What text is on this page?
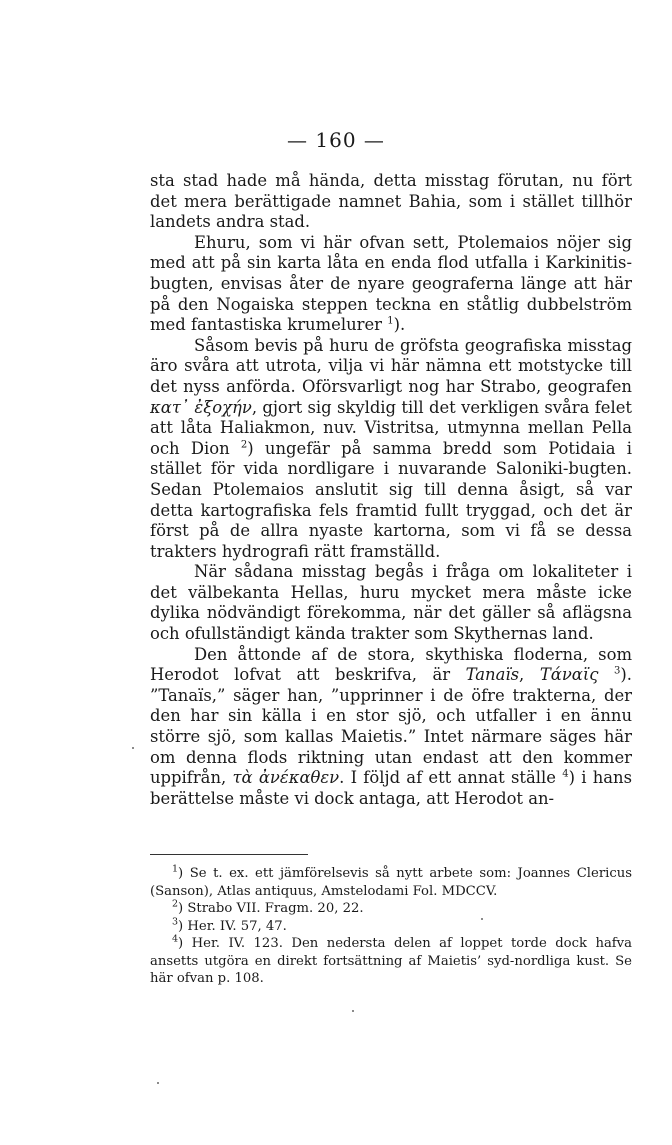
— 160 —

sta stad hade må hända, detta misstag förutan, nu fört det mera berättigade namnet Bahia, som i stället tillhör landets andra stad.

Ehuru, som vi här ofvan sett, Ptolemaios nöjer sig med att på sin karta låta en enda flod utfalla i Karkinitis-bugten, envisas åter de nyare geograferna länge att här på den Nogaiska steppen teckna en ståtlig dubbelström med fantastiska krumelurer $^1$).

Såsom bevis på huru de gröfsta geografiska misstag äro svåra att utrota, vilja vi här nämna ett motstycke till det nyss anförda. Oförsvarligt nog har Strabo, geografen κατ᾽ ἐξοχήν, gjort sig skyldig till det verkligen svåra felet att låta Haliakmon, nuv. Vistritsa, utmynna mellan Pella och Dion $^2$) ungefär på samma bredd som Potidaia i stället för vida nordligare i nuvarande Saloniki-bugten. Sedan Ptolemaios anslutit sig till denna åsigt, så var detta kartografiska fels framtid fullt tryggad, och det är först på de allra nyaste kartorna, som vi få se dessa trakters hydrografi rätt framställd.

När sådana misstag begås i fråga om lokaliteter i det välbekanta Hellas, huru mycket mera måste icke dylika nödvändigt förekomma, när det gäller så aflägsna och ofullständigt kända trakter som Skythernas land.

Den åttonde af de stora, skythiska floderna, som Herodot lofvat att beskrifva, är Tanaïs, Τάναϊς $^3$). ”Tanaïs,” säger han, ”upprinner i de öfre trakterna, der den har sin källa i en stor sjö, och utfaller i en ännu större sjö, som kallas Maietis.” Intet närmare säges här om denna flods riktning utan endast att den kommer uppifrån, τὰ ἀνέκαθεν. I följd af ett annat ställe $^4$) i hans berättelse måste vi dock antaga, att Herodot an-

$^1$) Se t. ex. ett jämförelsevis så nytt arbete som: Joannes Clericus (Sanson), Atlas antiquus, Amstelodami Fol. MDCCV.

$^2$) Strabo VII. Fragm. 20, 22.

$^3$) Her. IV. 57, 47.

$^4$) Her. IV. 123. Den nedersta delen af loppet torde dock hafva ansetts utgöra en direkt fortsättning af Maietis’ syd-nordliga kust. Se här ofvan p. 108.
